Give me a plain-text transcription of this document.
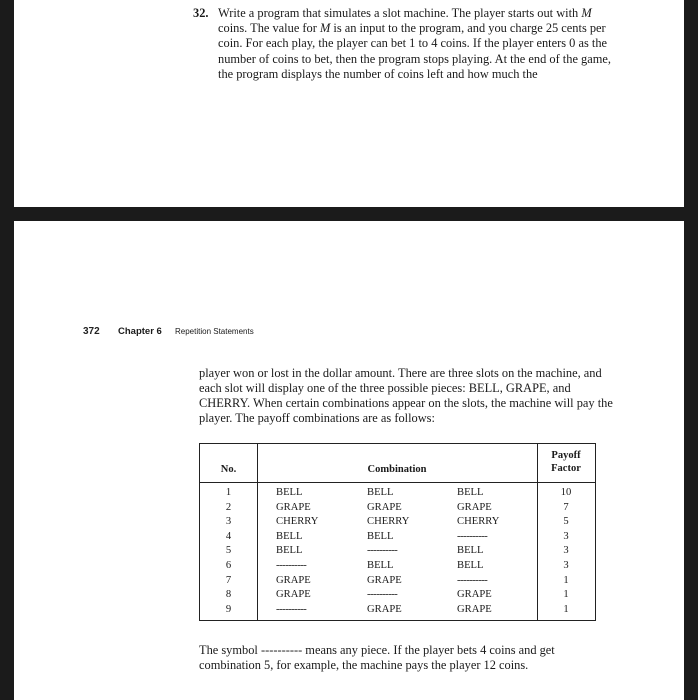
32. Write a program that simulates a slot machine. The player starts out with M coins. The value for M is an input to the program, and you charge 25 cents per coin. For each play, the player can bet 1 to 4 coins. If the player enters 0 as the number of coins to bet, then the program stops playing. At the end of the game, the program displays the number of coins left and how much the

372 Chapter 6 Repetition Statements

player won or lost in the dollar amount. There are three slots on the machine, and each slot will display one of the three possible pieces: BELL, GRAPE, and CHERRY. When certain combinations appear on the slots, the machine will pay the player. The payoff combinations are as follows:

No.	Combination
Payoff
Factor
1	BELL	BELL	BELL	10
2	GRAPE	GRAPE	GRAPE	7
3	CHERRY	CHERRY	CHERRY	5
4	BELL	BELL	----------	3
5	BELL	----------	BELL	3
6	----------	BELL	BELL	3
7	GRAPE	GRAPE	----------	1
8	GRAPE	----------	GRAPE	1
9	----------	GRAPE	GRAPE	1

The symbol ---------- means any piece. If the player bets 4 coins and get combination 5, for example, the machine pays the player 12 coins.
